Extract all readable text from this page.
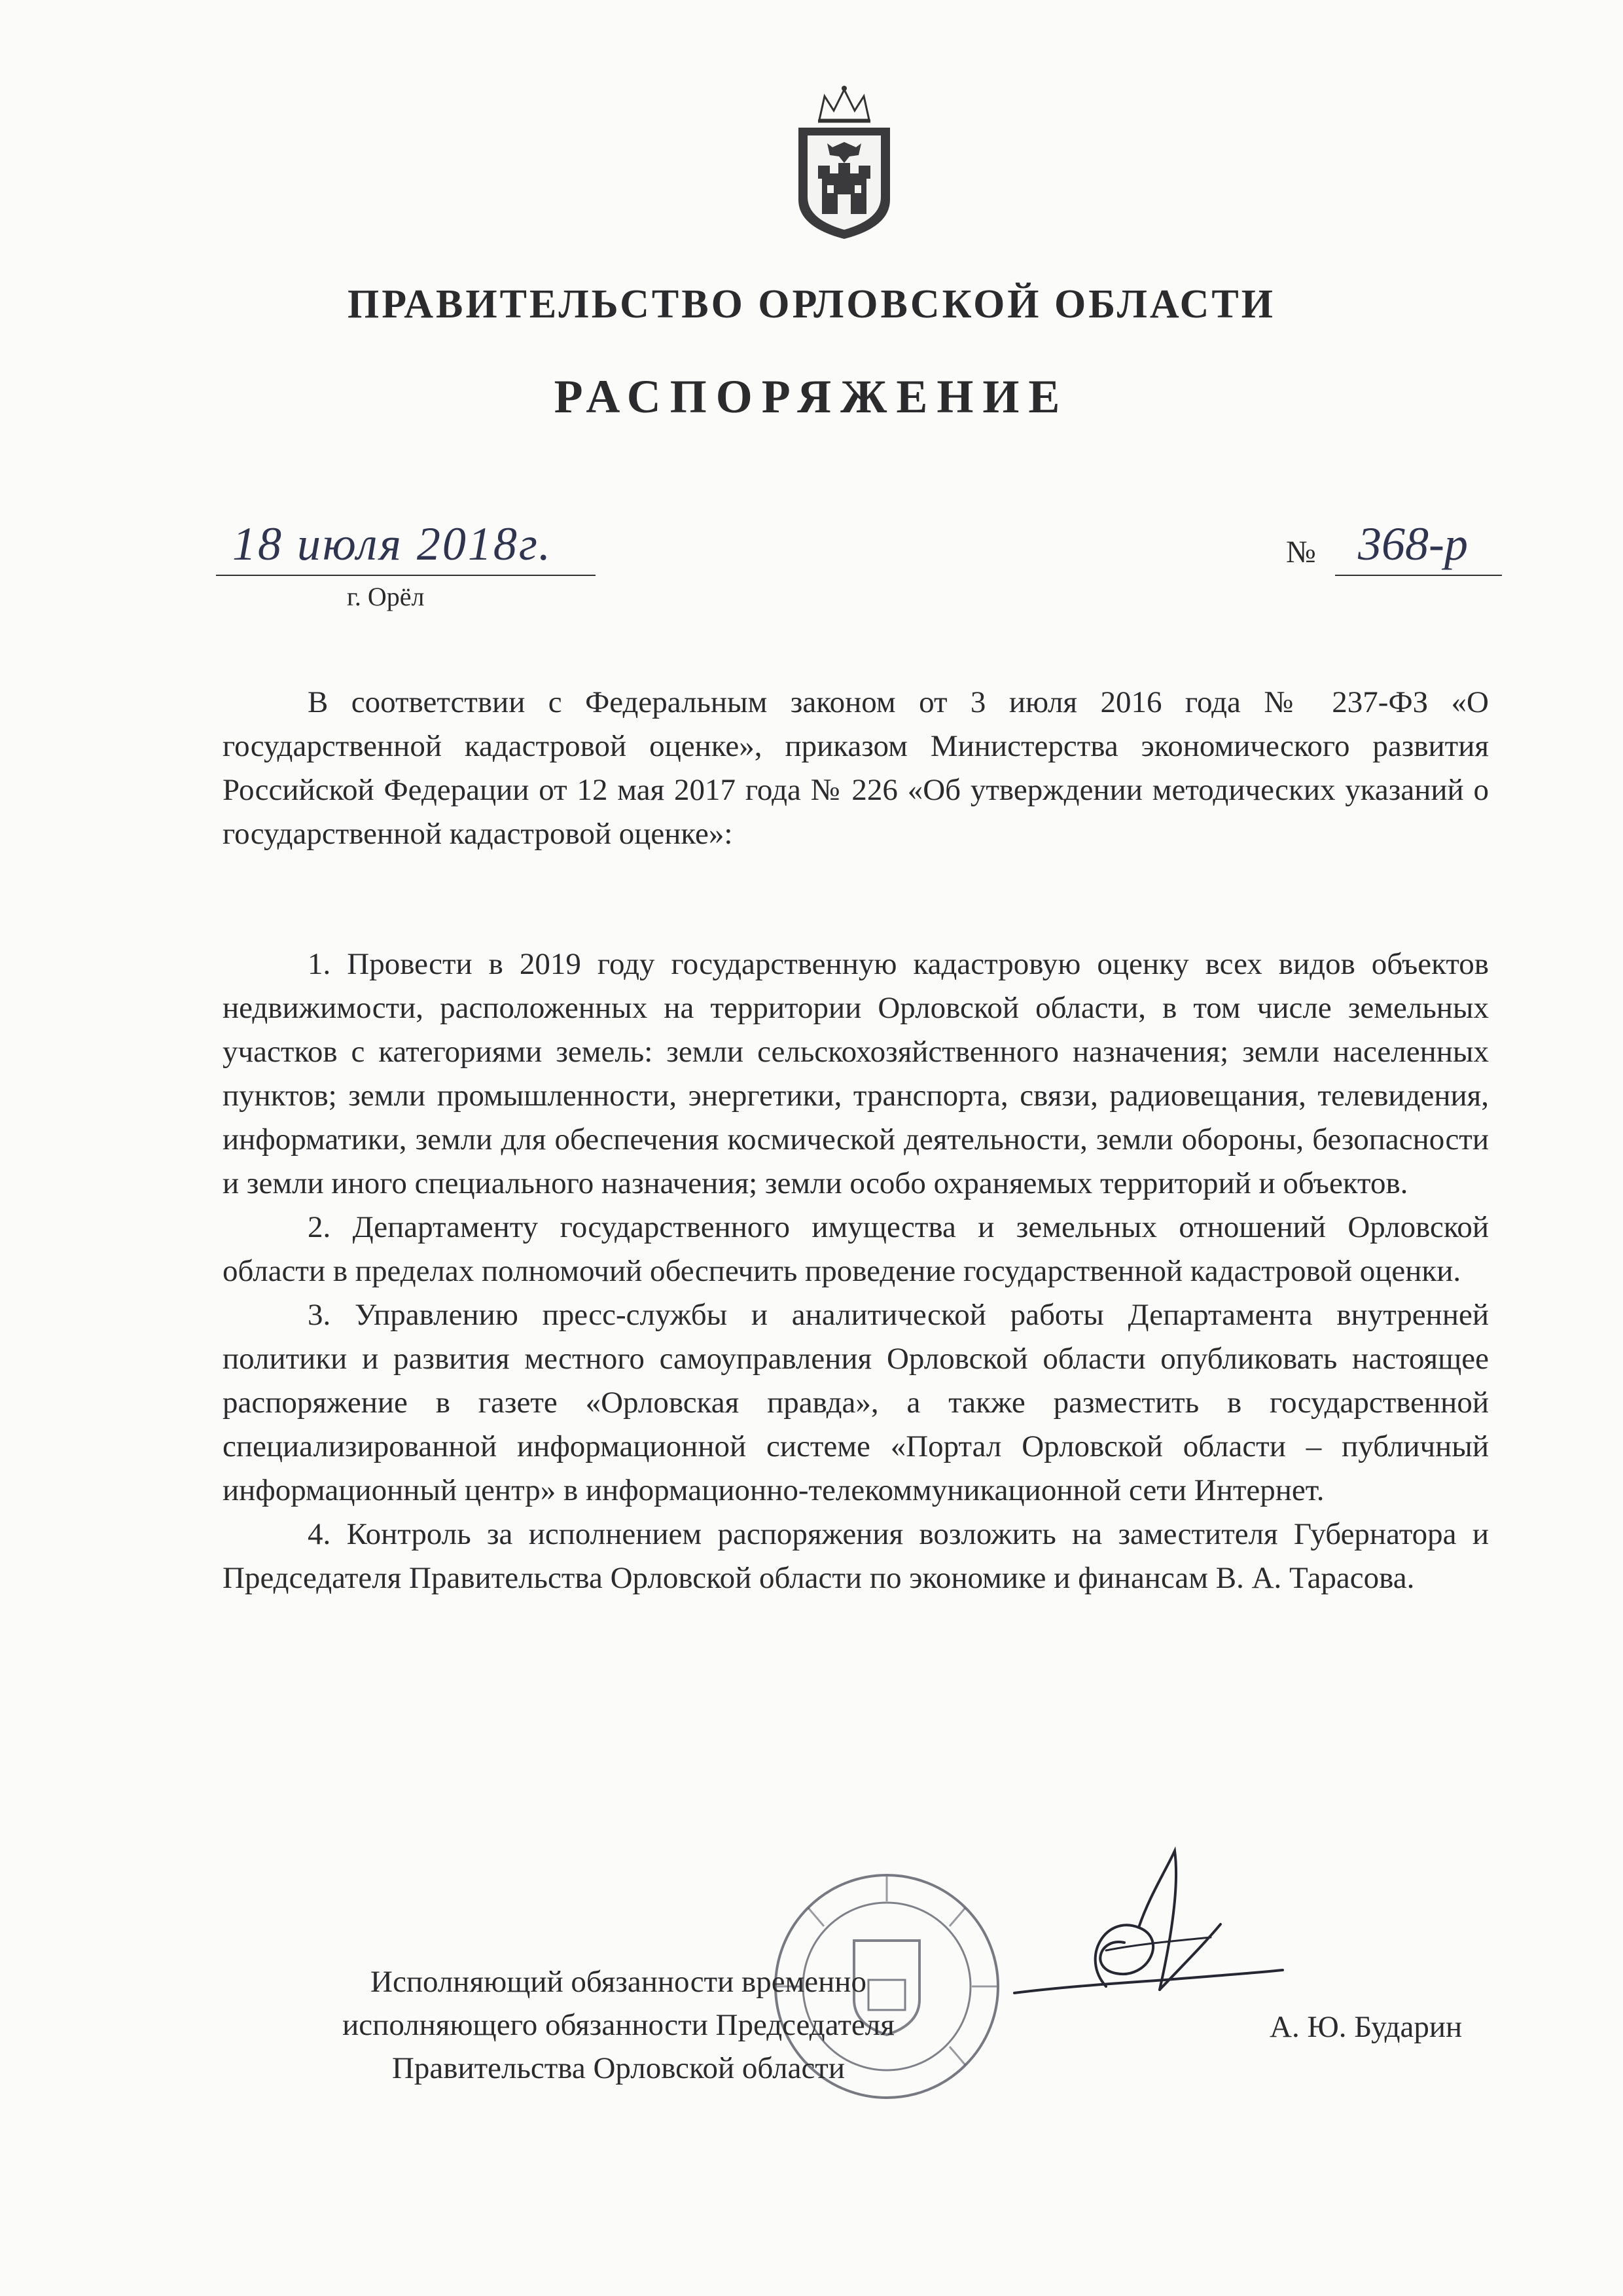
ПРАВИТЕЛЬСТВО ОРЛОВСКОЙ ОБЛАСТИ
РАСПОРЯЖЕНИЕ
18 июля 2018г.
г. Орёл
№ 368-р

В соответствии с Федеральным законом от 3 июля 2016 года № 237-ФЗ «О государственной кадастровой оценке», приказом Министерства экономического развития Российской Федерации от 12 мая 2017 года № 226 «Об утверждении методических указаний о государственной кадастровой оценке»:

1. Провести в 2019 году государственную кадастровую оценку всех видов объектов недвижимости, расположенных на территории Орловской области, в том числе земельных участков с категориями земель: земли сельскохозяйственного назначения; земли населенных пунктов; земли промышленности, энергетики, транспорта, связи, радиовещания, телевидения, информатики, земли для обеспечения космической деятельности, земли обороны, безопасности и земли иного специального назначения; земли особо охраняемых территорий и объектов.

2. Департаменту государственного имущества и земельных отношений Орловской области в пределах полномочий обеспечить проведение государственной кадастровой оценки.

3. Управлению пресс-службы и аналитической работы Департамента внутренней политики и развития местного самоуправления Орловской области опубликовать настоящее распоряжение в газете «Орловская правда», а также разместить в государственной специализированной информационной системе «Портал Орловской области – публичный информационный центр» в информационно-телекоммуникационной сети Интернет.

4. Контроль за исполнением распоряжения возложить на заместителя Губернатора и Председателя Правительства Орловской области по экономике и финансам В. А. Тарасова.

Исполняющий обязанности временно
исполняющего обязанности Председателя
Правительства Орловской области
А. Ю. Бударин
